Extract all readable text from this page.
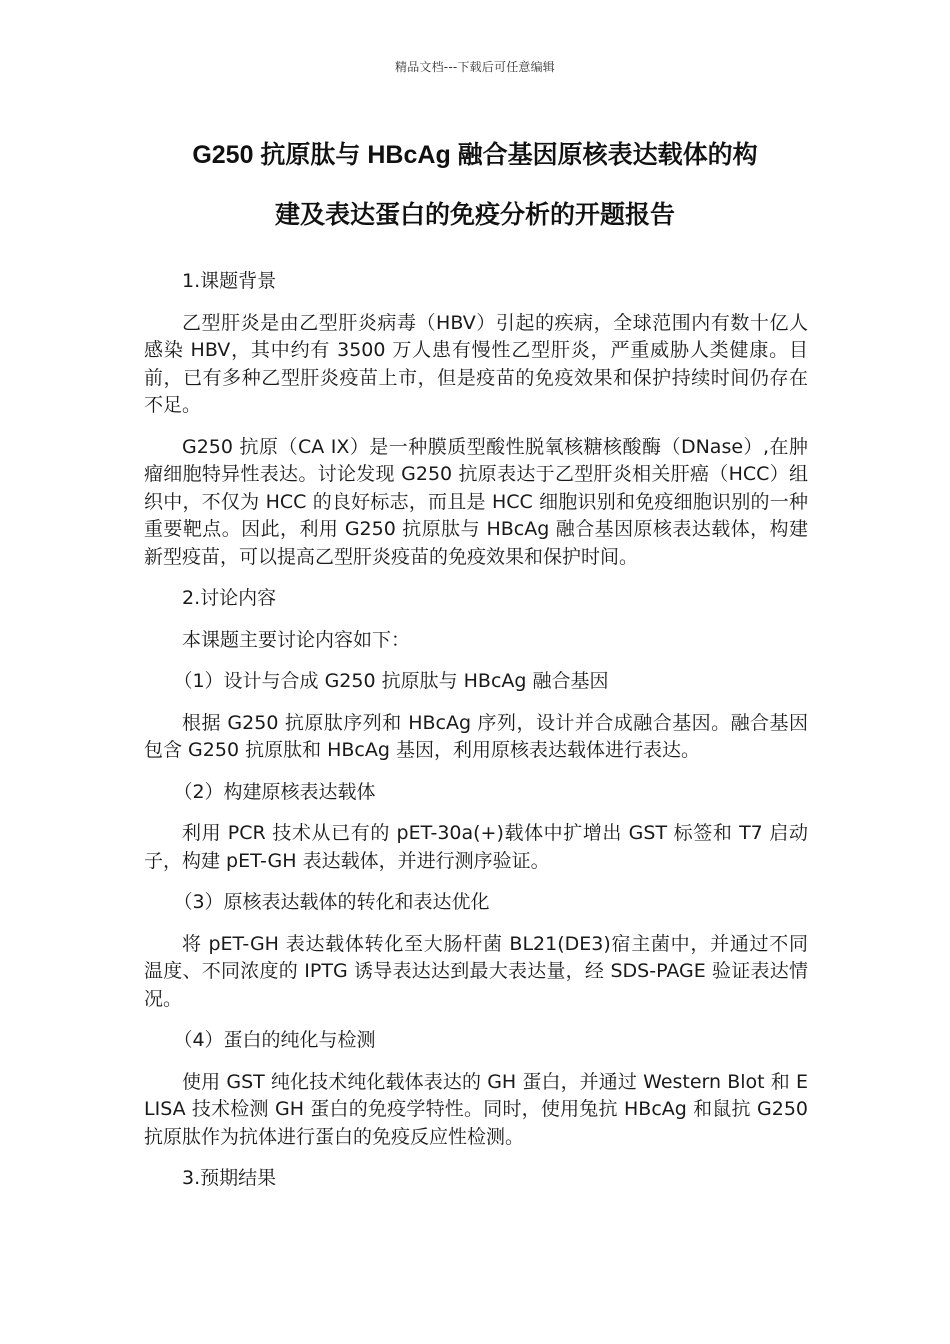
精品文档---下载后可任意编辑
G250 抗原肽与 HBcAg 融合基因原核表达载体的构
建及表达蛋白的免疫分析的开题报告

1.课题背景

乙型肝炎是由乙型肝炎病毒（HBV）引起的疾病，全球范围内有数十亿人感染 HBV，其中约有 3500 万人患有慢性乙型肝炎，严重威胁人类健康。目前，已有多种乙型肝炎疫苗上市，但是疫苗的免疫效果和保护持续时间仍存在不足。

G250 抗原（CA IX）是一种膜质型酸性脱氧核糖核酸酶（DNase）,在肿瘤细胞特异性表达。讨论发现 G250 抗原表达于乙型肝炎相关肝癌（HCC）组织中，不仅为 HCC 的良好标志，而且是 HCC 细胞识别和免疫细胞识别的一种重要靶点。因此，利用 G250 抗原肽与 HBcAg 融合基因原核表达载体，构建新型疫苗，可以提高乙型肝炎疫苗的免疫效果和保护时间。

2.讨论内容

本课题主要讨论内容如下：

（1）设计与合成 G250 抗原肽与 HBcAg 融合基因

根据 G250 抗原肽序列和 HBcAg 序列，设计并合成融合基因。融合基因包含 G250 抗原肽和 HBcAg 基因，利用原核表达载体进行表达。

（2）构建原核表达载体

利用 PCR 技术从已有的 pET-30a(+)载体中扩增出 GST 标签和 T7 启动子，构建 pET-GH 表达载体，并进行测序验证。

（3）原核表达载体的转化和表达优化

将 pET-GH 表达载体转化至大肠杆菌 BL21(DE3)宿主菌中，并通过不同温度、不同浓度的 IPTG 诱导表达达到最大表达量，经 SDS-PAGE 验证表达情况。

（4）蛋白的纯化与检测

使用 GST 纯化技术纯化载体表达的 GH 蛋白，并通过 Western Blot 和 ELISA 技术检测 GH 蛋白的免疫学特性。同时，使用兔抗 HBcAg 和鼠抗 G250 抗原肽作为抗体进行蛋白的免疫反应性检测。

3.预期结果
